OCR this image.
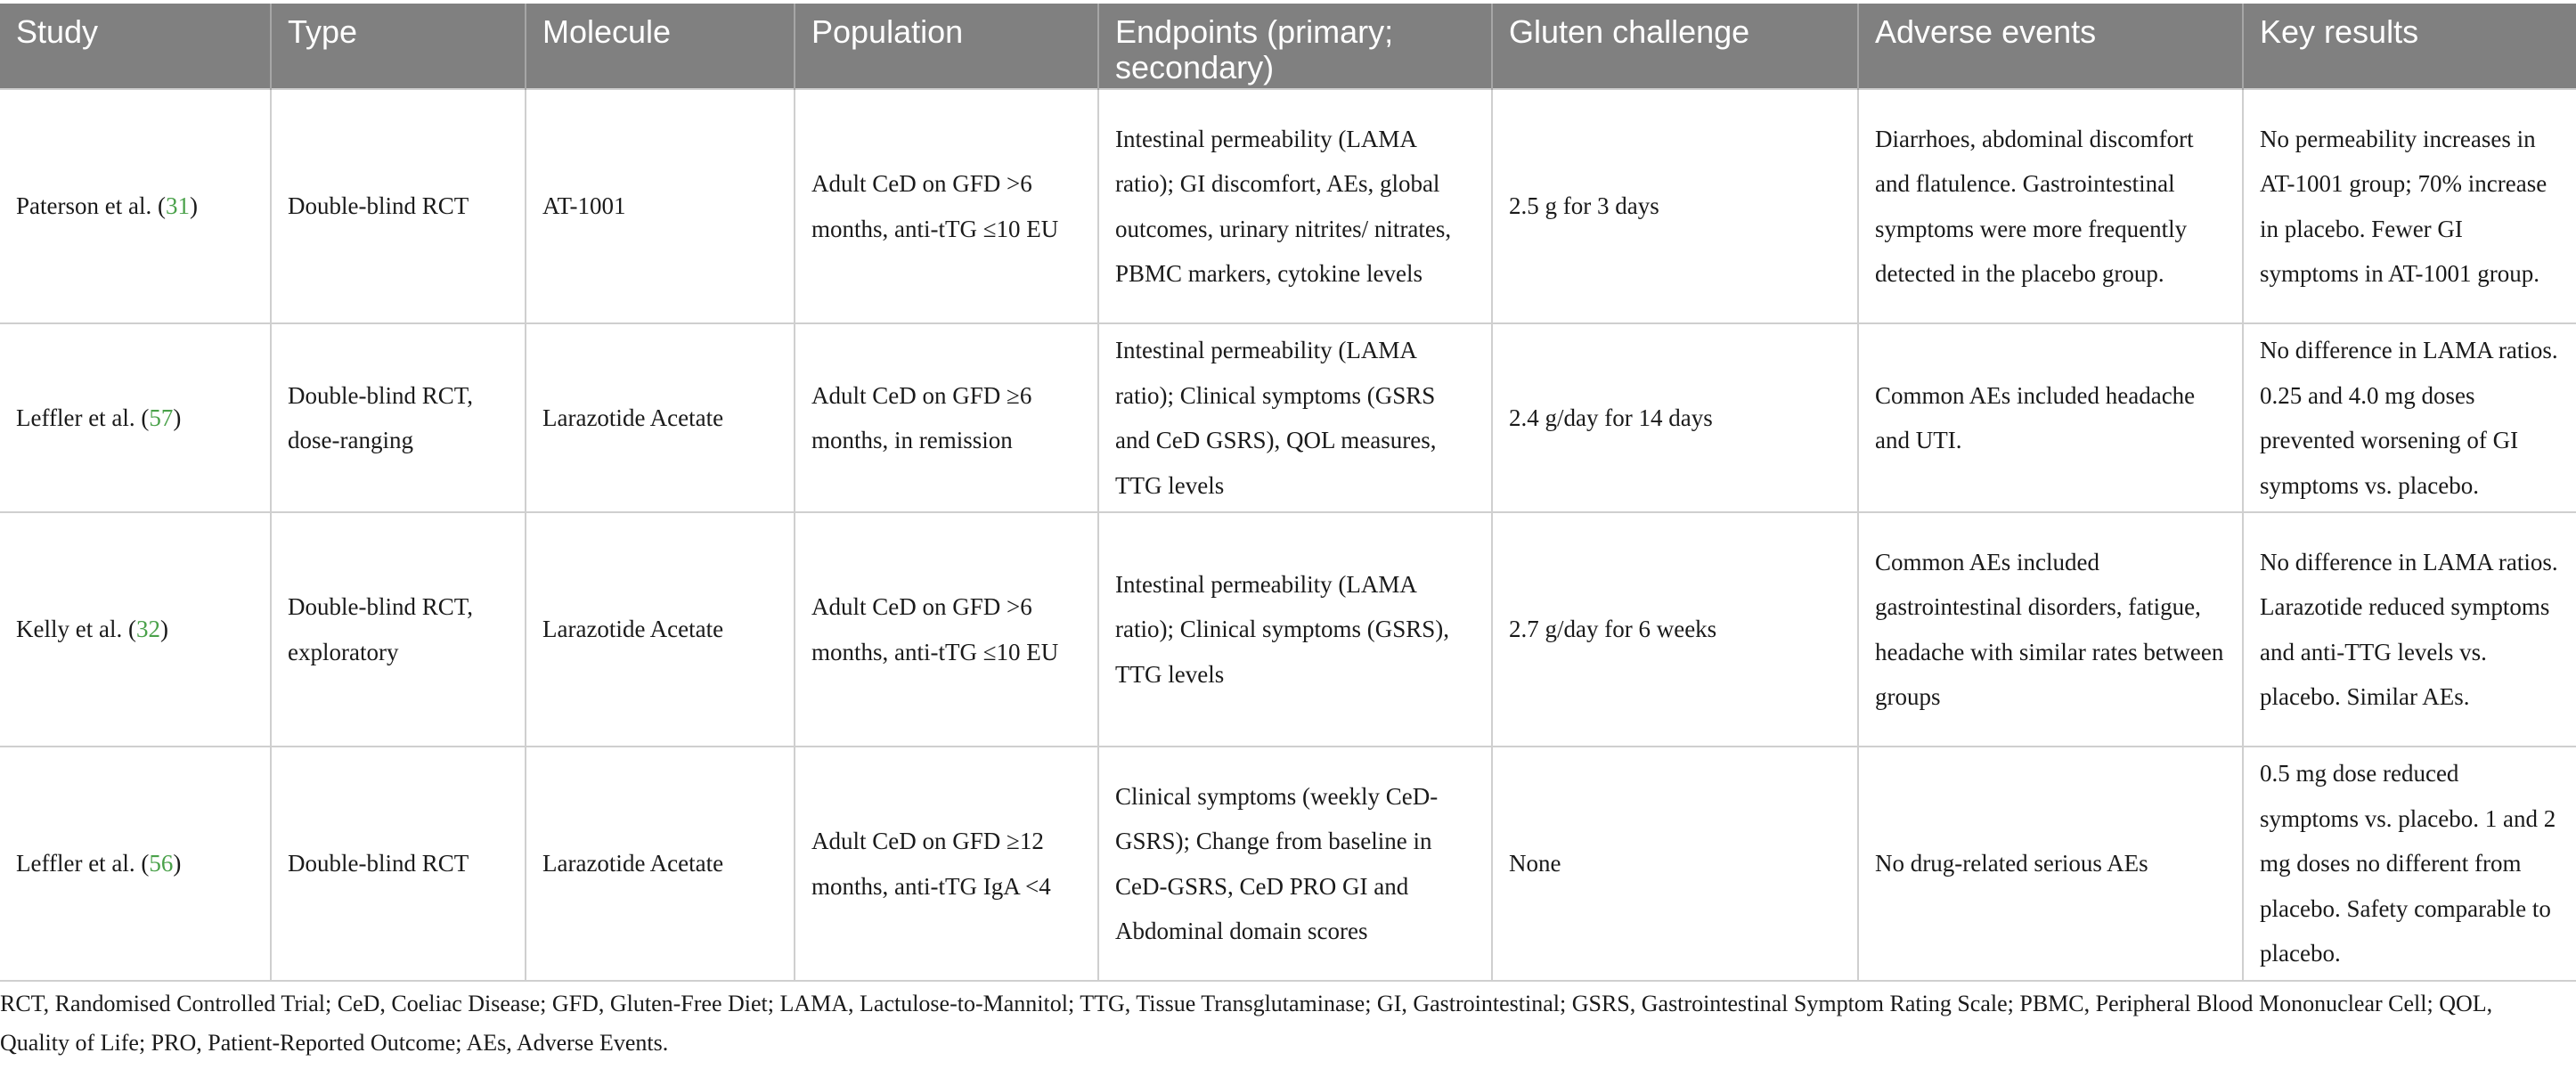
Study	Type	Molecule	Population	Endpoints (primary; secondary)	Gluten challenge	Adverse events	Key results
Paterson et al. (31)	Double-blind RCT	AT-1001	Adult CeD on GFD >6 months, anti-tTG ≤10 EU	Intestinal permeability (LAMA ratio); GI discomfort, AEs, global outcomes, urinary nitrites/ nitrates, PBMC markers, cytokine levels	2.5 g for 3 days	Diarrhoes, abdominal discomfort and flatulence. Gastrointestinal symptoms were more frequently detected in the placebo group.	No permeability increases in AT-1001 group; 70% increase in placebo. Fewer GI symptoms in AT-1001 group.
Leffler et al. (57)	Double-blind RCT, dose-ranging	Larazotide Acetate	Adult CeD on GFD ≥6 months, in remission	Intestinal permeability (LAMA ratio); Clinical symptoms (GSRS and CeD GSRS), QOL measures, TTG levels	2.4 g/day for 14 days	Common AEs included headache and UTI.	No difference in LAMA ratios. 0.25 and 4.0 mg doses prevented worsening of GI symptoms vs. placebo.
Kelly et al. (32)	Double-blind RCT, exploratory	Larazotide Acetate	Adult CeD on GFD >6 months, anti-tTG ≤10 EU	Intestinal permeability (LAMA ratio); Clinical symptoms (GSRS), TTG levels	2.7 g/day for 6 weeks	Common AEs included gastrointestinal disorders, fatigue, headache with similar rates between groups	No difference in LAMA ratios. Larazotide reduced symptoms and anti-TTG levels vs. placebo. Similar AEs.
Leffler et al. (56)	Double-blind RCT	Larazotide Acetate	Adult CeD on GFD ≥12 months, anti-tTG IgA <4	Clinical symptoms (weekly CeD-GSRS); Change from baseline in CeD-GSRS, CeD PRO GI and Abdominal domain scores	None	No drug-related serious AEs	0.5 mg dose reduced symptoms vs. placebo. 1 and 2 mg doses no different from placebo. Safety comparable to placebo.
RCT, Randomised Controlled Trial; CeD, Coeliac Disease; GFD, Gluten-Free Diet; LAMA, Lactulose-to-Mannitol; TTG, Tissue Transglutaminase; GI, Gastrointestinal; GSRS, Gastrointestinal Symptom Rating Scale; PBMC, Peripheral Blood Mononuclear Cell; QOL, Quality of Life; PRO, Patient-Reported Outcome; AEs, Adverse Events.
